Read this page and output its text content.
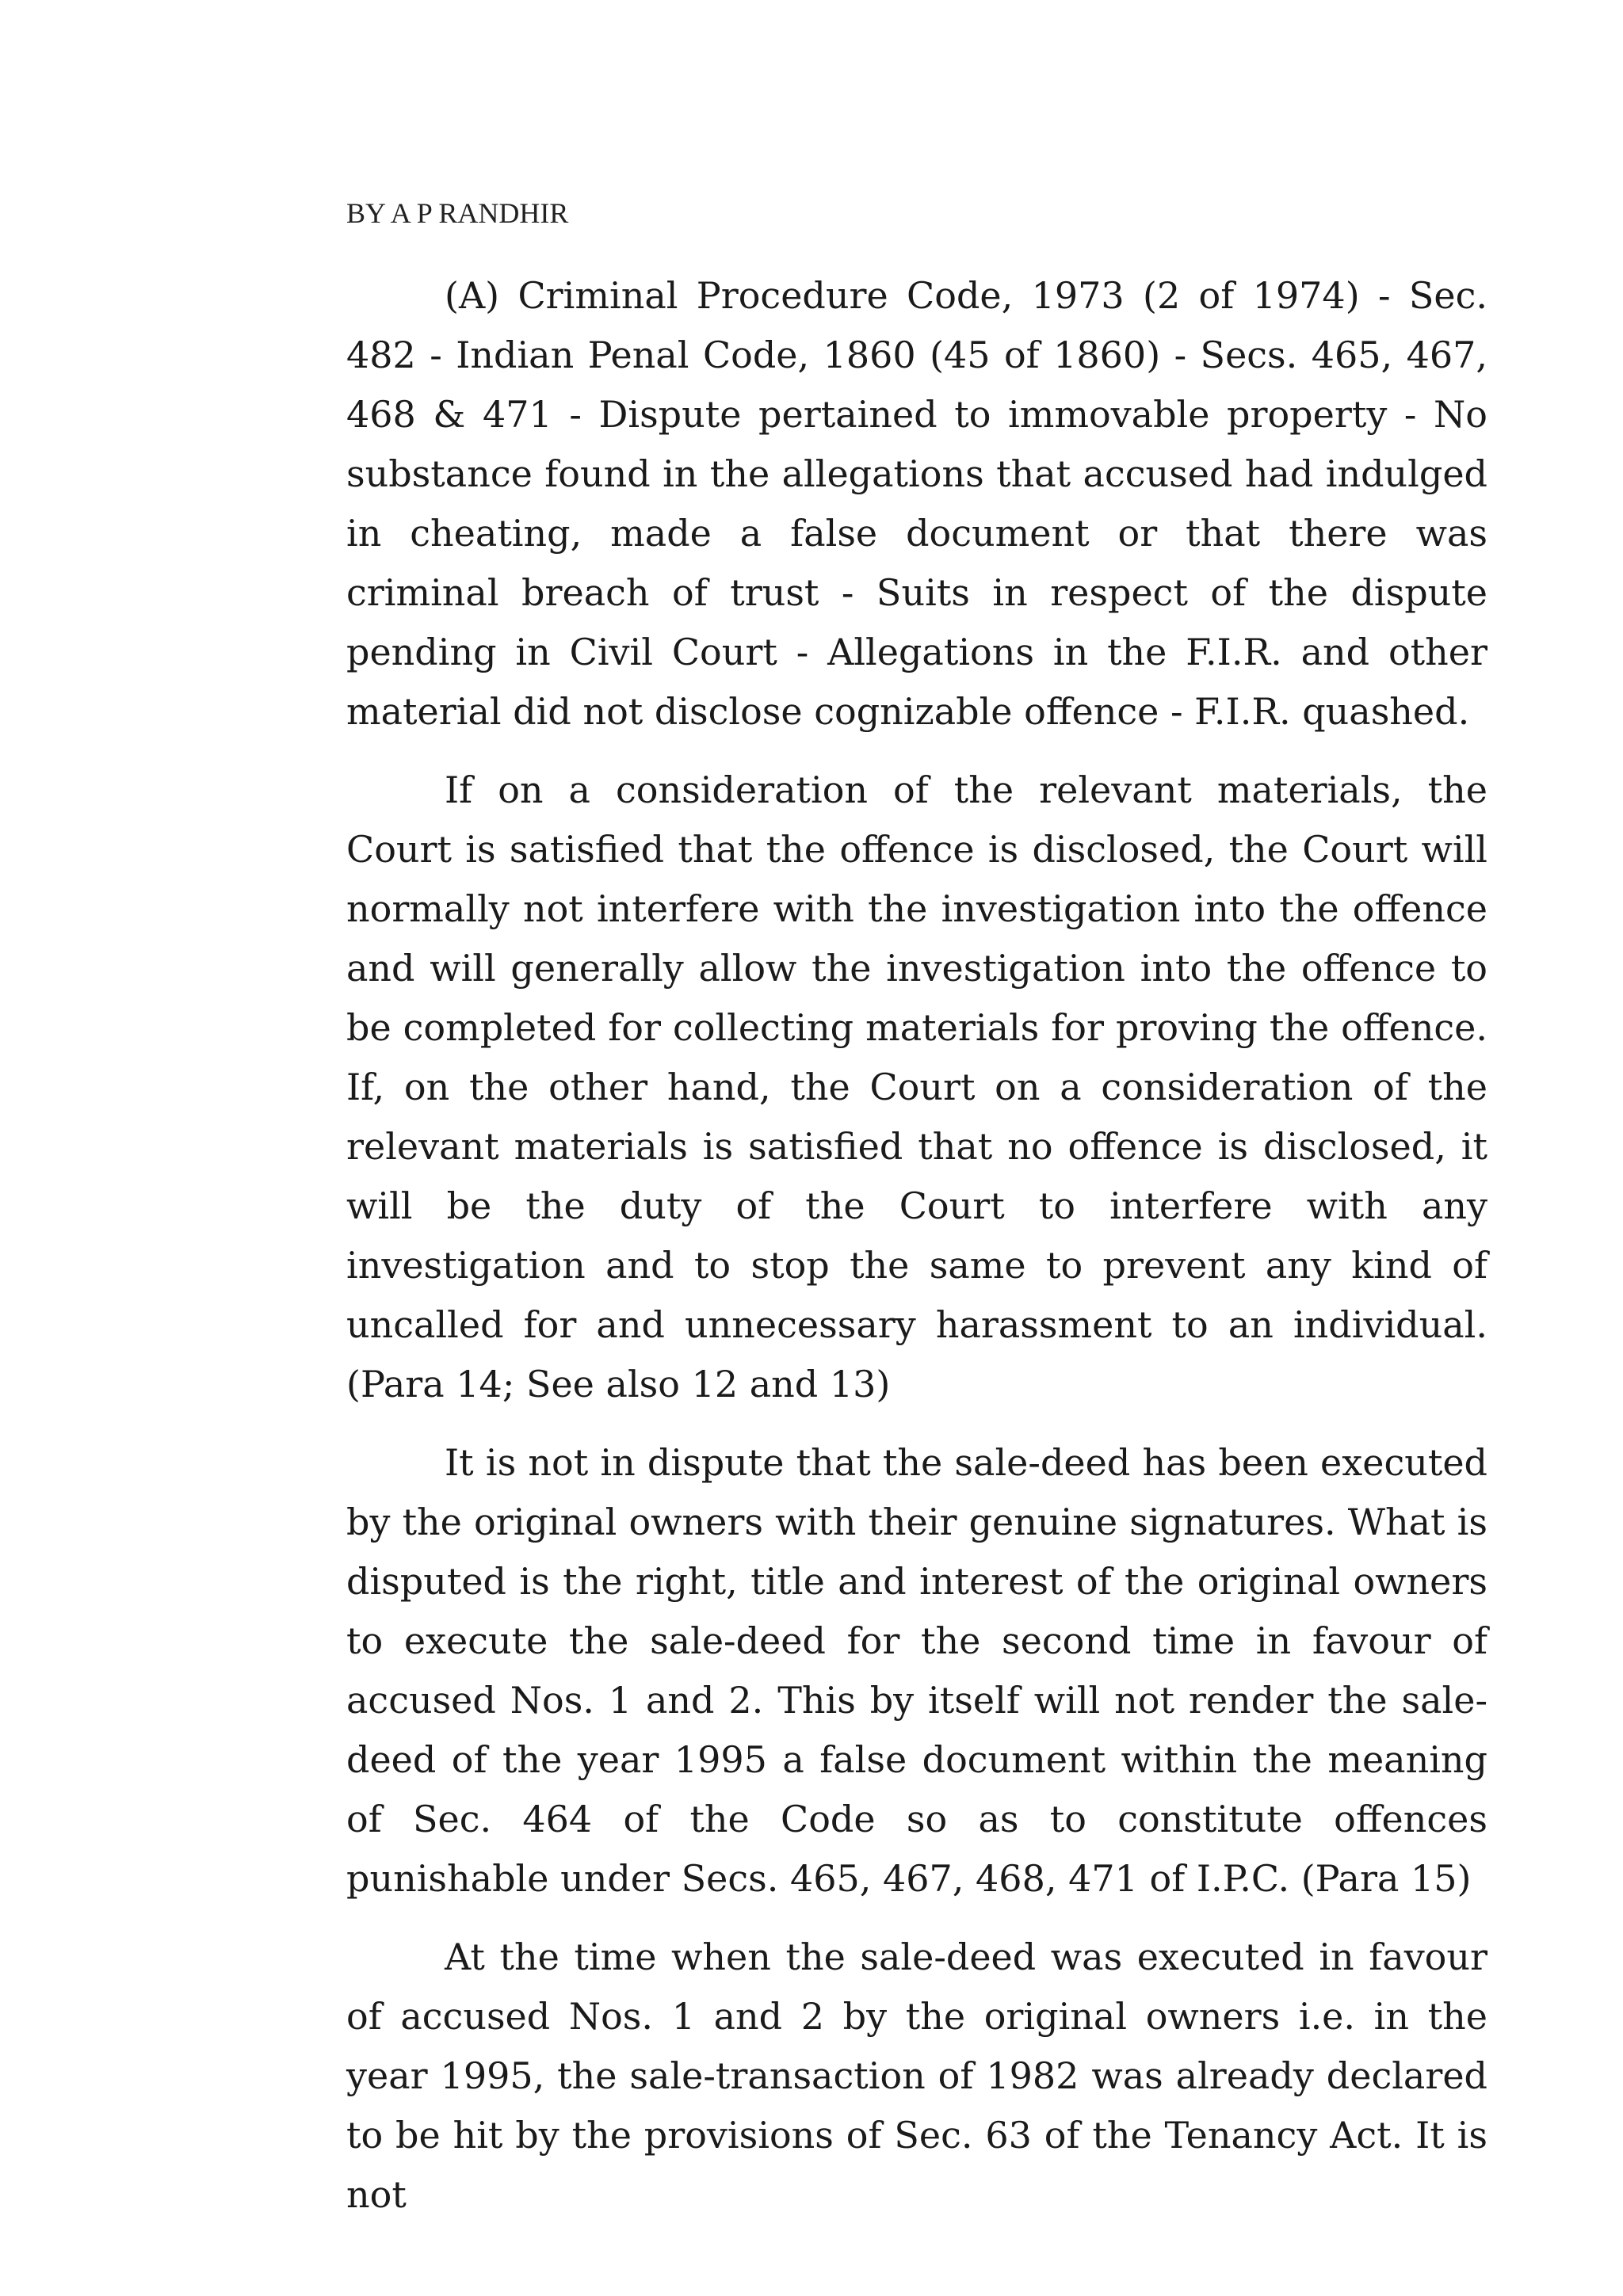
BY A P RANDHIR

(A) Criminal Procedure Code, 1973 (2 of 1974) - Sec. 482 - Indian Penal Code, 1860 (45 of 1860) - Secs. 465, 467, 468 & 471 - Dispute pertained to immovable property - No substance found in the allegations that accused had indulged in cheating, made a false document or that there was criminal breach of trust - Suits in respect of the dispute pending in Civil Court - Allegations in the F.I.R. and other material did not disclose cognizable offence - F.I.R. quashed.

If on a consideration of the relevant materials, the Court is satisfied that the offence is disclosed, the Court will normally not interfere with the investigation into the offence and will generally allow the investigation into the offence to be completed for collecting materials for proving the offence. If, on the other hand, the Court on a consideration of the relevant materials is satisfied that no offence is disclosed, it will be the duty of the Court to interfere with any investigation and to stop the same to prevent any kind of uncalled for and unnecessary harassment to an individual. (Para 14; See also 12 and 13)

It is not in dispute that the sale-deed has been executed by the original owners with their genuine signatures. What is disputed is the right, title and interest of the original owners to execute the sale-deed for the second time in favour of accused Nos. 1 and 2. This by itself will not render the sale-deed of the year 1995 a false document within the meaning of Sec. 464 of the Code so as to constitute offences punishable under Secs. 465, 467, 468, 471 of I.P.C. (Para 15)

At the time when the sale-deed was executed in favour of accused Nos. 1 and 2 by the original owners i.e. in the year 1995, the sale-transaction of 1982 was already declared to be hit by the provisions of Sec. 63 of the Tenancy Act. It is not
